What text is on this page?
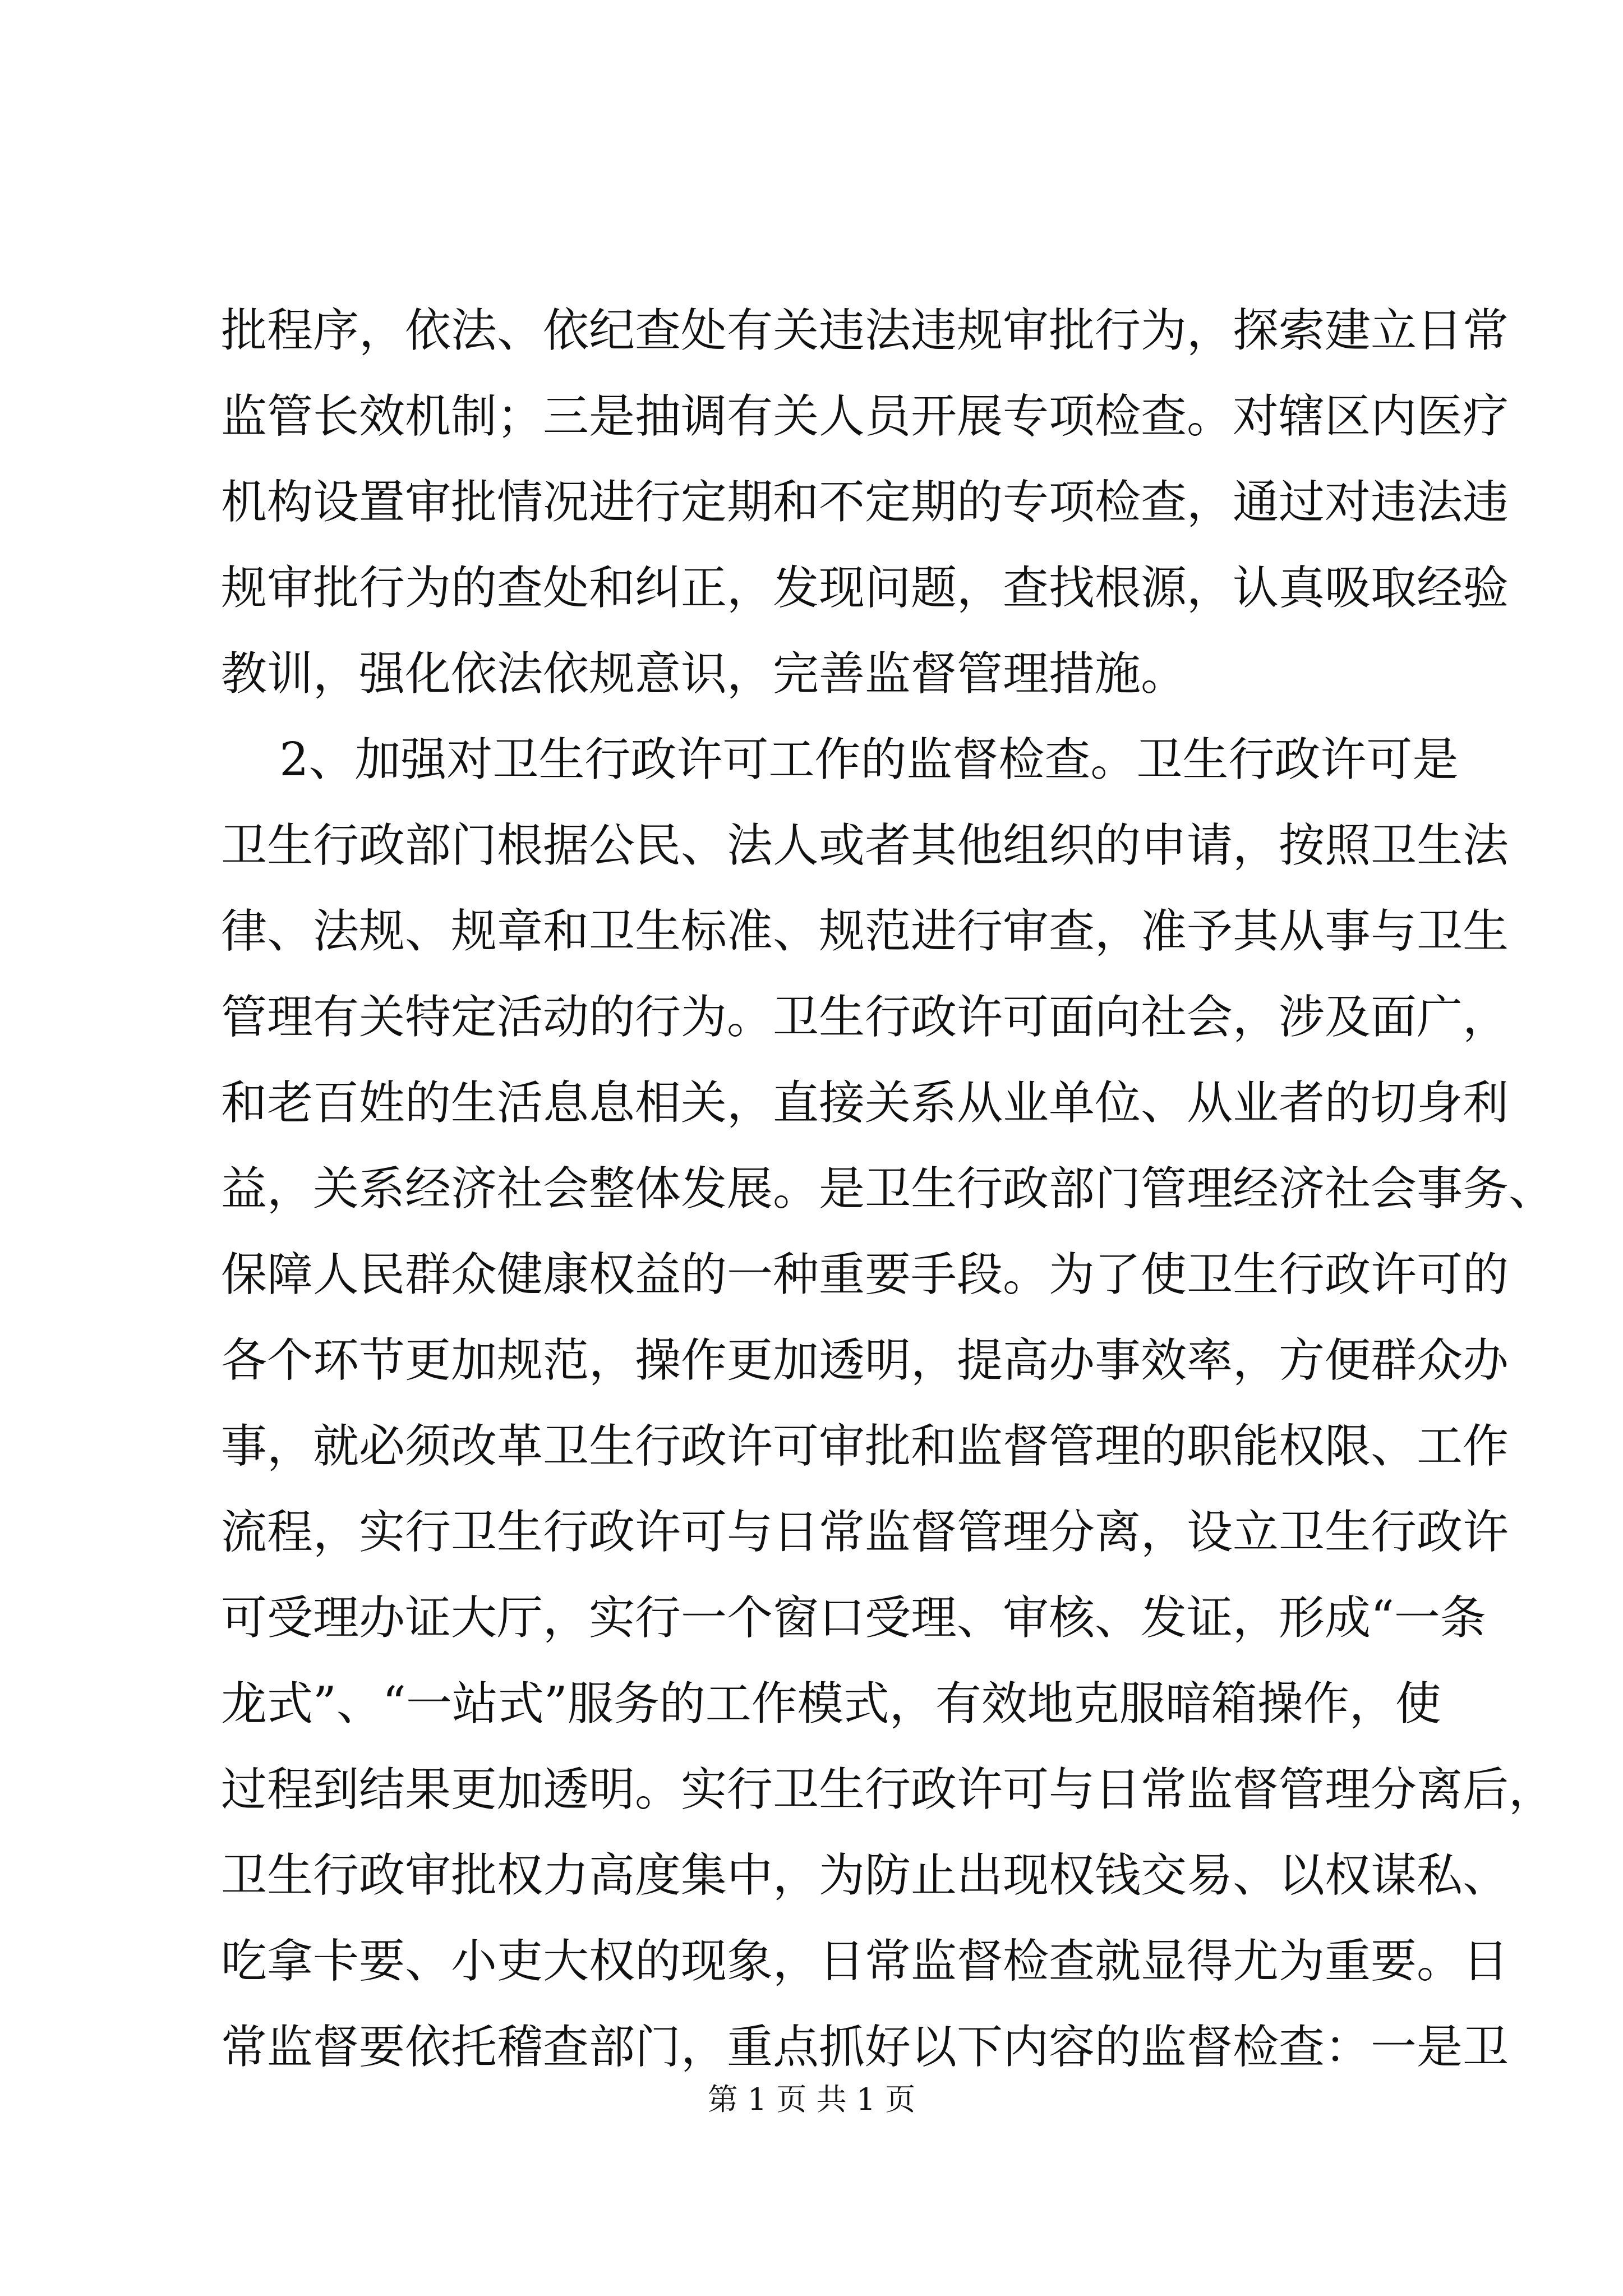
批程序，依法、依纪查处有关违法违规审批行为，探索建立日常
监管长效机制；三是抽调有关人员开展专项检查。对辖区内医疗
机构设置审批情况进行定期和不定期的专项检查，通过对违法违
规审批行为的查处和纠正，发现问题，查找根源，认真吸取经验
教训，强化依法依规意识，完善监督管理措施。
2、加强对卫生行政许可工作的监督检查。卫生行政许可是
卫生行政部门根据公民、法人或者其他组织的申请，按照卫生法
律、法规、规章和卫生标准、规范进行审查，准予其从事与卫生
管理有关特定活动的行为。卫生行政许可面向社会，涉及面广，
和老百姓的生活息息相关，直接关系从业单位、从业者的切身利
益，关系经济社会整体发展。是卫生行政部门管理经济社会事务、
保障人民群众健康权益的一种重要手段。为了使卫生行政许可的
各个环节更加规范，操作更加透明，提高办事效率，方便群众办
事，就必须改革卫生行政许可审批和监督管理的职能权限、工作
流程，实行卫生行政许可与日常监督管理分离，设立卫生行政许
可受理办证大厅，实行一个窗口受理、审核、发证，形成“一条
龙式”、“一站式”服务的工作模式，有效地克服暗箱操作，使
过程到结果更加透明。实行卫生行政许可与日常监督管理分离后，
卫生行政审批权力高度集中，为防止出现权钱交易、以权谋私、
吃拿卡要、小吏大权的现象，日常监督检查就显得尤为重要。日
常监督要依托稽查部门，重点抓好以下内容的监督检查：一是卫
第 1 页 共 1 页
